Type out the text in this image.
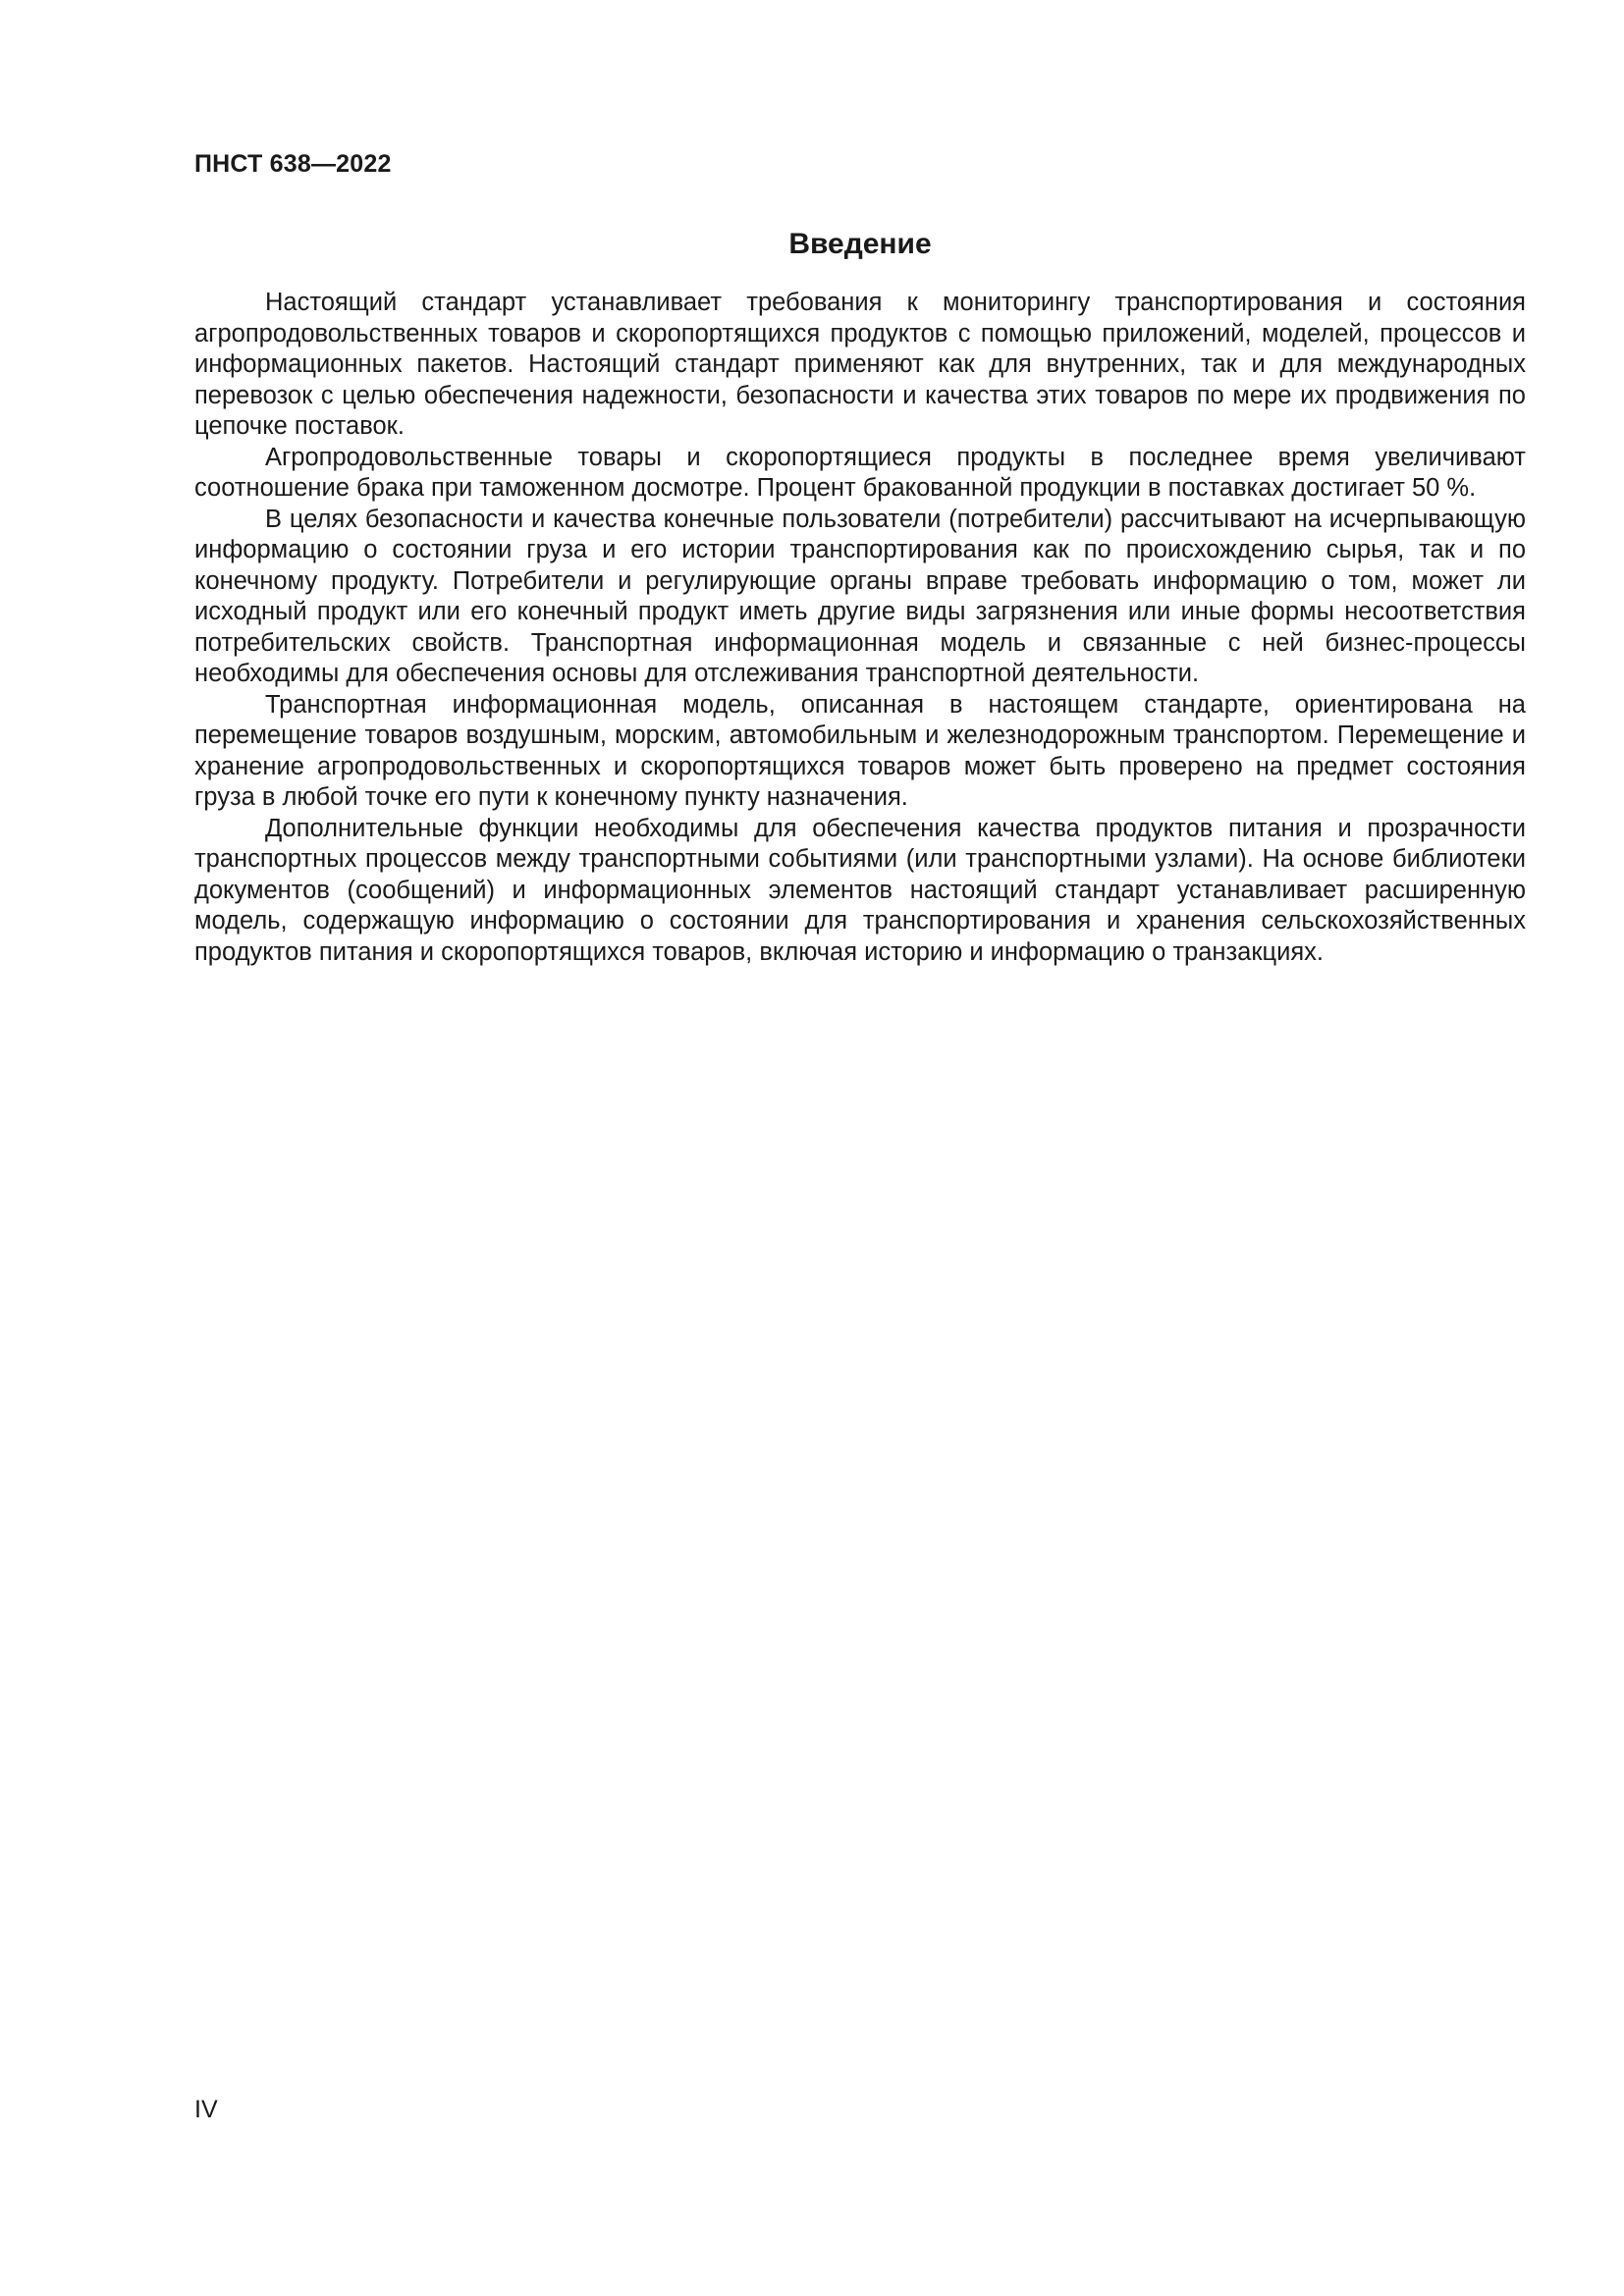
ПНСТ 638—2022

Введение

Настоящий стандарт устанавливает требования к мониторингу транспортирования и состояния агропродовольственных товаров и скоропортящихся продуктов с помощью приложений, моделей, процессов и информационных пакетов. Настоящий стандарт применяют как для внутренних, так и для международных перевозок с целью обеспечения надежности, безопасности и качества этих товаров по мере их продвижения по цепочке поставок.

Агропродовольственные товары и скоропортящиеся продукты в последнее время увеличивают соотношение брака при таможенном досмотре. Процент бракованной продукции в поставках достигает 50 %.

В целях безопасности и качества конечные пользователи (потребители) рассчитывают на исчерпывающую информацию о состоянии груза и его истории транспортирования как по происхождению сырья, так и по конечному продукту. Потребители и регулирующие органы вправе требовать информацию о том, может ли исходный продукт или его конечный продукт иметь другие виды загрязнения или иные формы несоответствия потребительских свойств. Транспортная информационная модель и связанные с ней бизнес-процессы необходимы для обеспечения основы для отслеживания транспортной деятельности.

Транспортная информационная модель, описанная в настоящем стандарте, ориентирована на перемещение товаров воздушным, морским, автомобильным и железнодорожным транспортом. Перемещение и хранение агропродовольственных и скоропортящихся товаров может быть проверено на предмет состояния груза в любой точке его пути к конечному пункту назначения.

Дополнительные функции необходимы для обеспечения качества продуктов питания и прозрачности транспортных процессов между транспортными событиями (или транспортными узлами). На основе библиотеки документов (сообщений) и информационных элементов настоящий стандарт устанавливает расширенную модель, содержащую информацию о состоянии для транспортирования и хранения сельскохозяйственных продуктов питания и скоропортящихся товаров, включая историю и информацию о транзакциях.

IV
